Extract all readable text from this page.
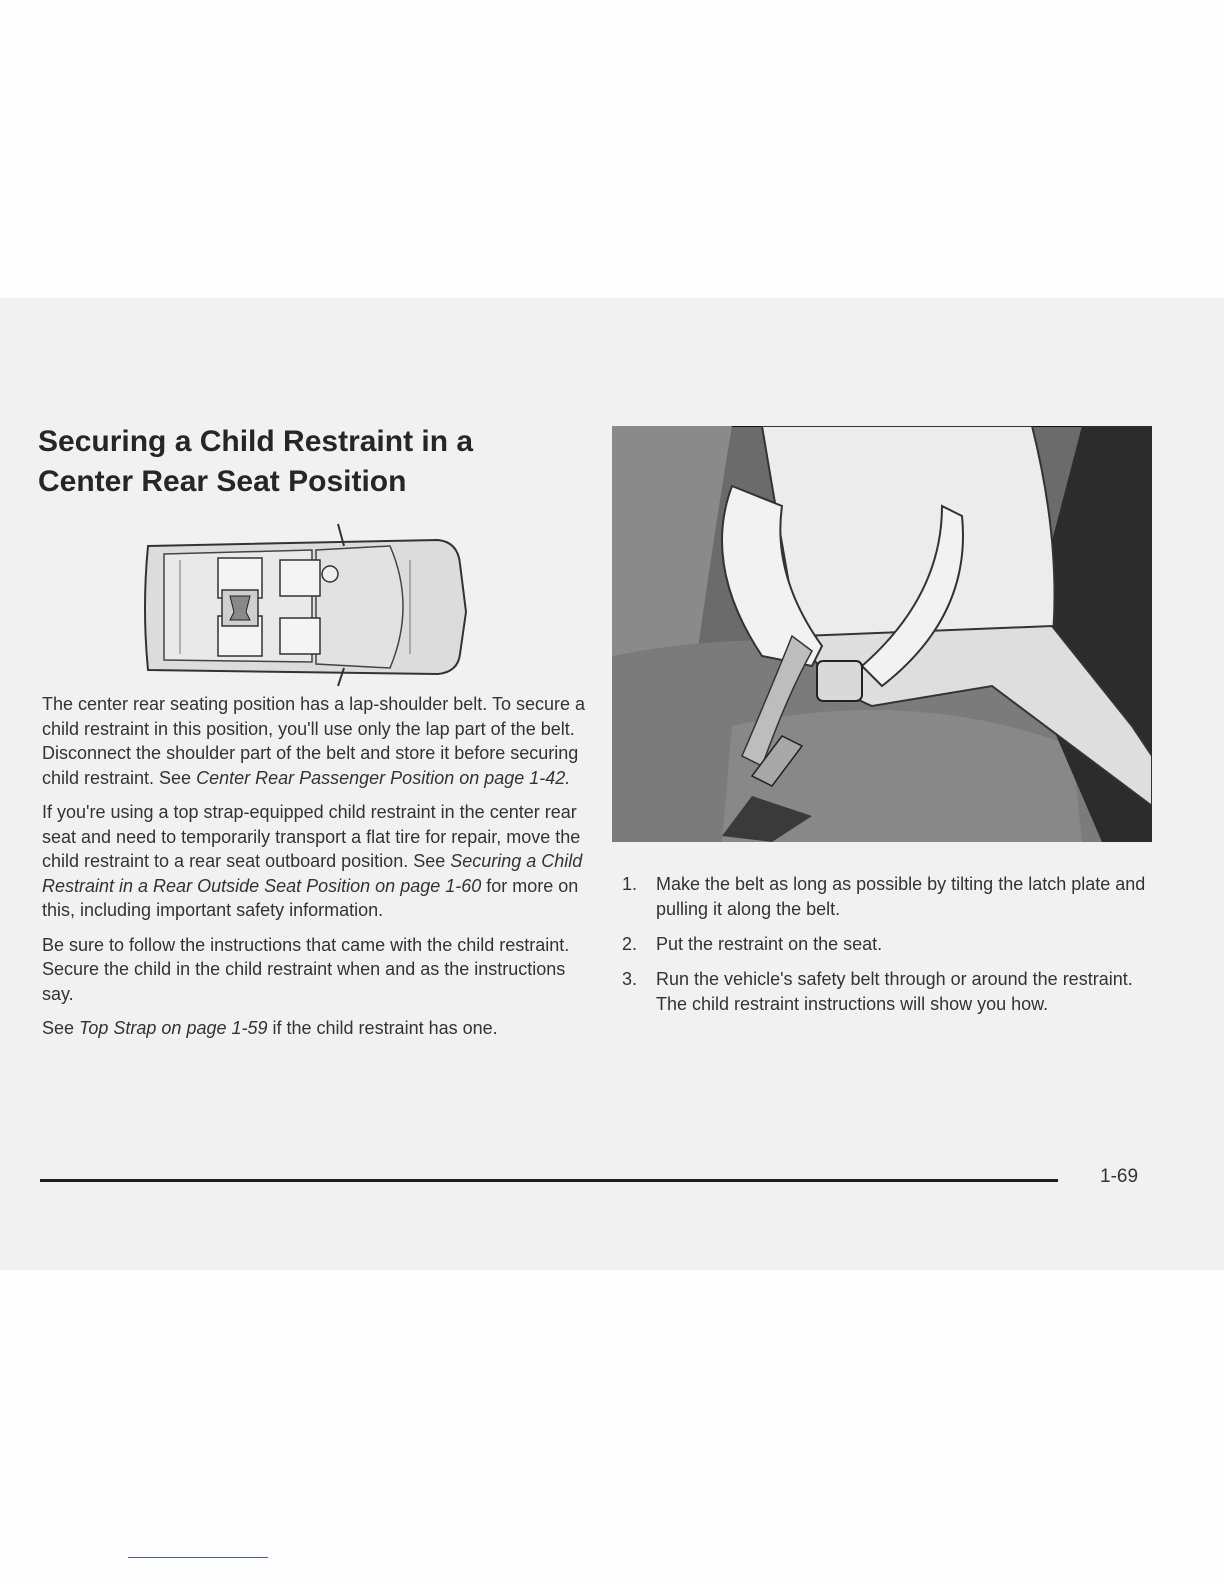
Securing a Child Restraint in a
Center Rear Seat Position

The center rear seating position has a lap-shoulder belt. To secure a child restraint in this position, you'll use only the lap part of the belt. Disconnect the shoulder part of the belt and store it before securing child restraint. See Center Rear Passenger Position on page 1-42.

If you're using a top strap-equipped child restraint in the center rear seat and need to temporarily transport a flat tire for repair, move the child restraint to a rear seat outboard position. See Securing a Child Restraint in a Rear Outside Seat Position on page 1-60 for more on this, including important safety information.

Be sure to follow the instructions that came with the child restraint. Secure the child in the child restraint when and as the instructions say.

See Top Strap on page 1-59 if the child restraint has one.

1.	Make the belt as long as possible by tilting the latch plate and pulling it along the belt.
2.	Put the restraint on the seat.
3.	Run the vehicle's safety belt through or around the restraint. The child restraint instructions will show you how.
1-69
